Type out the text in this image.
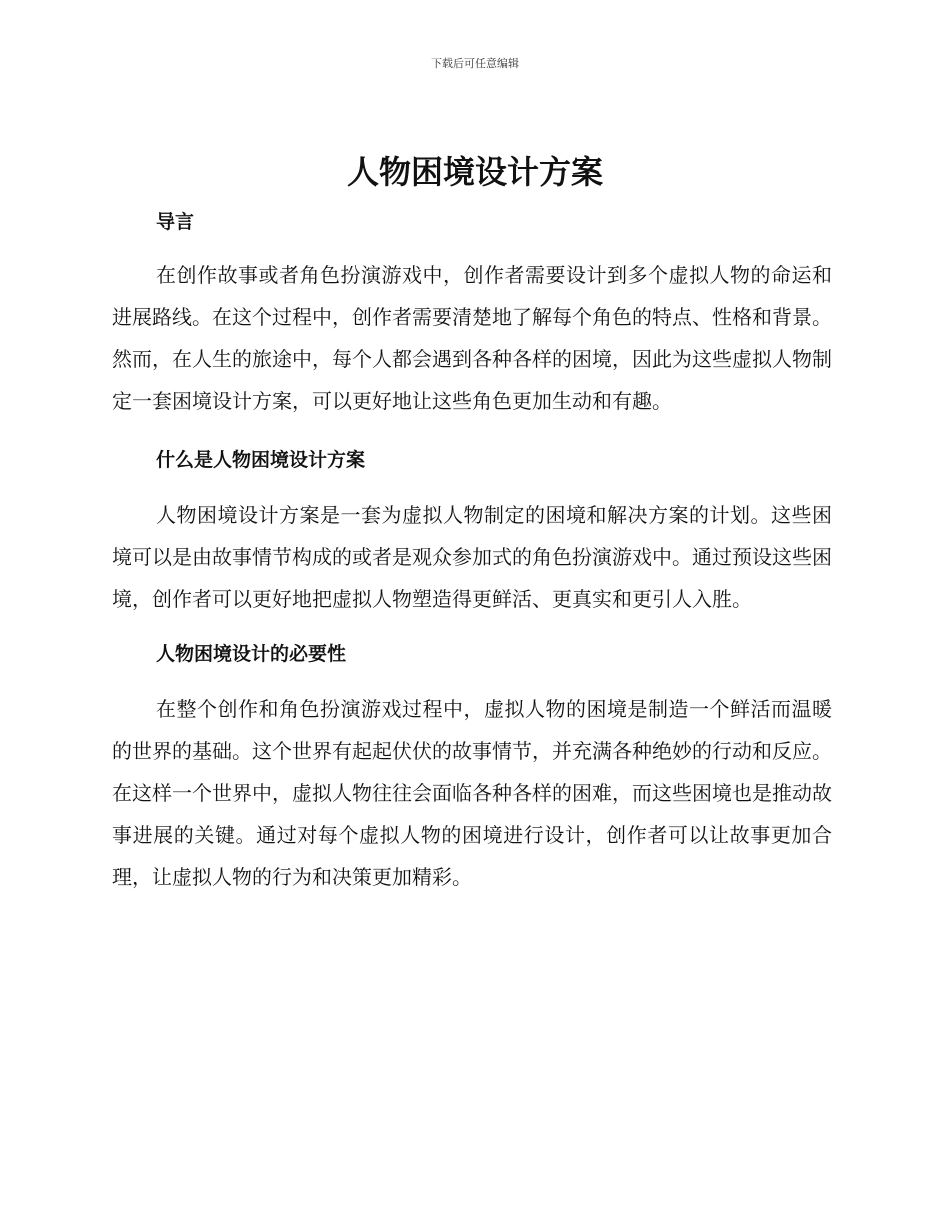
下载后可任意编辑
人物困境设计方案
导言

在创作故事或者角色扮演游戏中，创作者需要设计到多个虚拟人物的命运和进展路线。在这个过程中，创作者需要清楚地了解每个角色的特点、性格和背景。然而，在人生的旅途中，每个人都会遇到各种各样的困境，因此为这些虚拟人物制定一套困境设计方案，可以更好地让这些角色更加生动和有趣。

什么是人物困境设计方案

人物困境设计方案是一套为虚拟人物制定的困境和解决方案的计划。这些困境可以是由故事情节构成的或者是观众参加式的角色扮演游戏中。通过预设这些困境，创作者可以更好地把虚拟人物塑造得更鲜活、更真实和更引人入胜。

人物困境设计的必要性

在整个创作和角色扮演游戏过程中，虚拟人物的困境是制造一个鲜活而温暖的世界的基础。这个世界有起起伏伏的故事情节，并充满各种绝妙的行动和反应。在这样一个世界中，虚拟人物往往会面临各种各样的困难，而这些困境也是推动故事进展的关键。通过对每个虚拟人物的困境进行设计，创作者可以让故事更加合理，让虚拟人物的行为和决策更加精彩。
